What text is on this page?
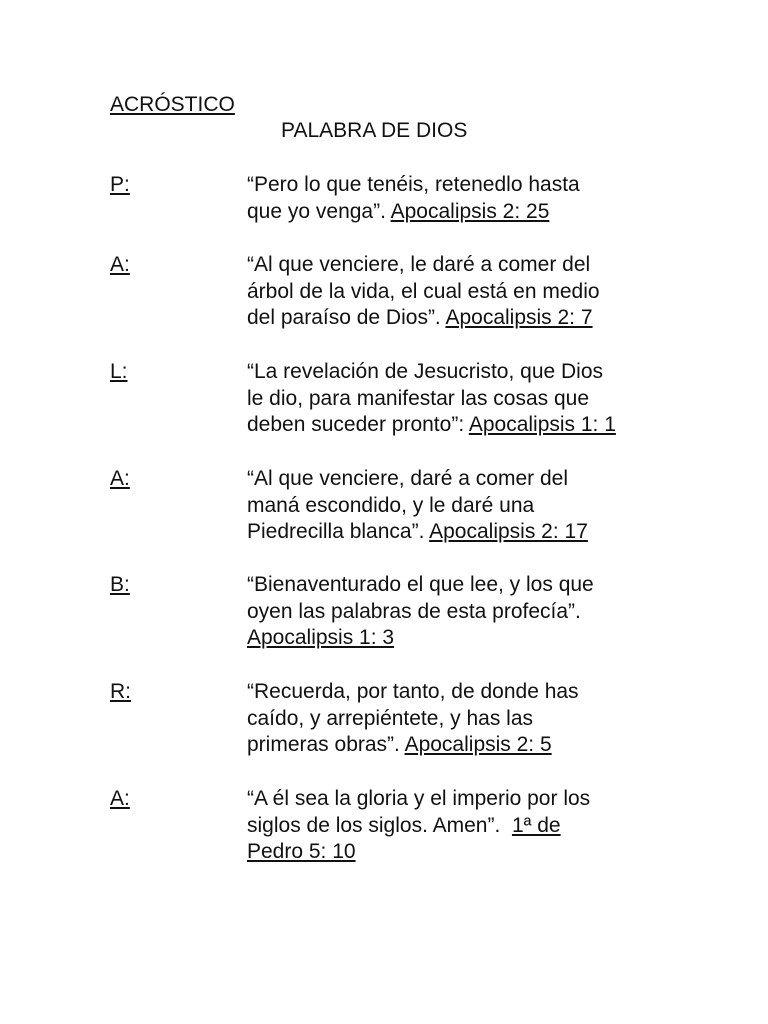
ACRÓSTICO
PALABRA DE DIOS
P:	“Pero lo que tenéis, retenedlo hasta
que yo venga”. Apocalipsis 2: 25
A:	“Al que venciere, le daré a comer del
árbol de la vida, el cual está en medio
del paraíso de Dios”. Apocalipsis 2: 7
L:	“La revelación de Jesucristo, que Dios
le dio, para manifestar las cosas que
deben suceder pronto”: Apocalipsis 1: 1
A:	“Al que venciere, daré a comer del
maná escondido, y le daré una
Piedrecilla blanca”. Apocalipsis 2: 17
B:	“Bienaventurado el que lee, y los que
oyen las palabras de esta profecía”.
Apocalipsis 1: 3
R:	“Recuerda, por tanto, de donde has
caído, y arrepiéntete, y has las
primeras obras”. Apocalipsis 2: 5
A:	“A él sea la gloria y el imperio por los
siglos de los siglos. Amen”.  1ª de
Pedro 5: 10
